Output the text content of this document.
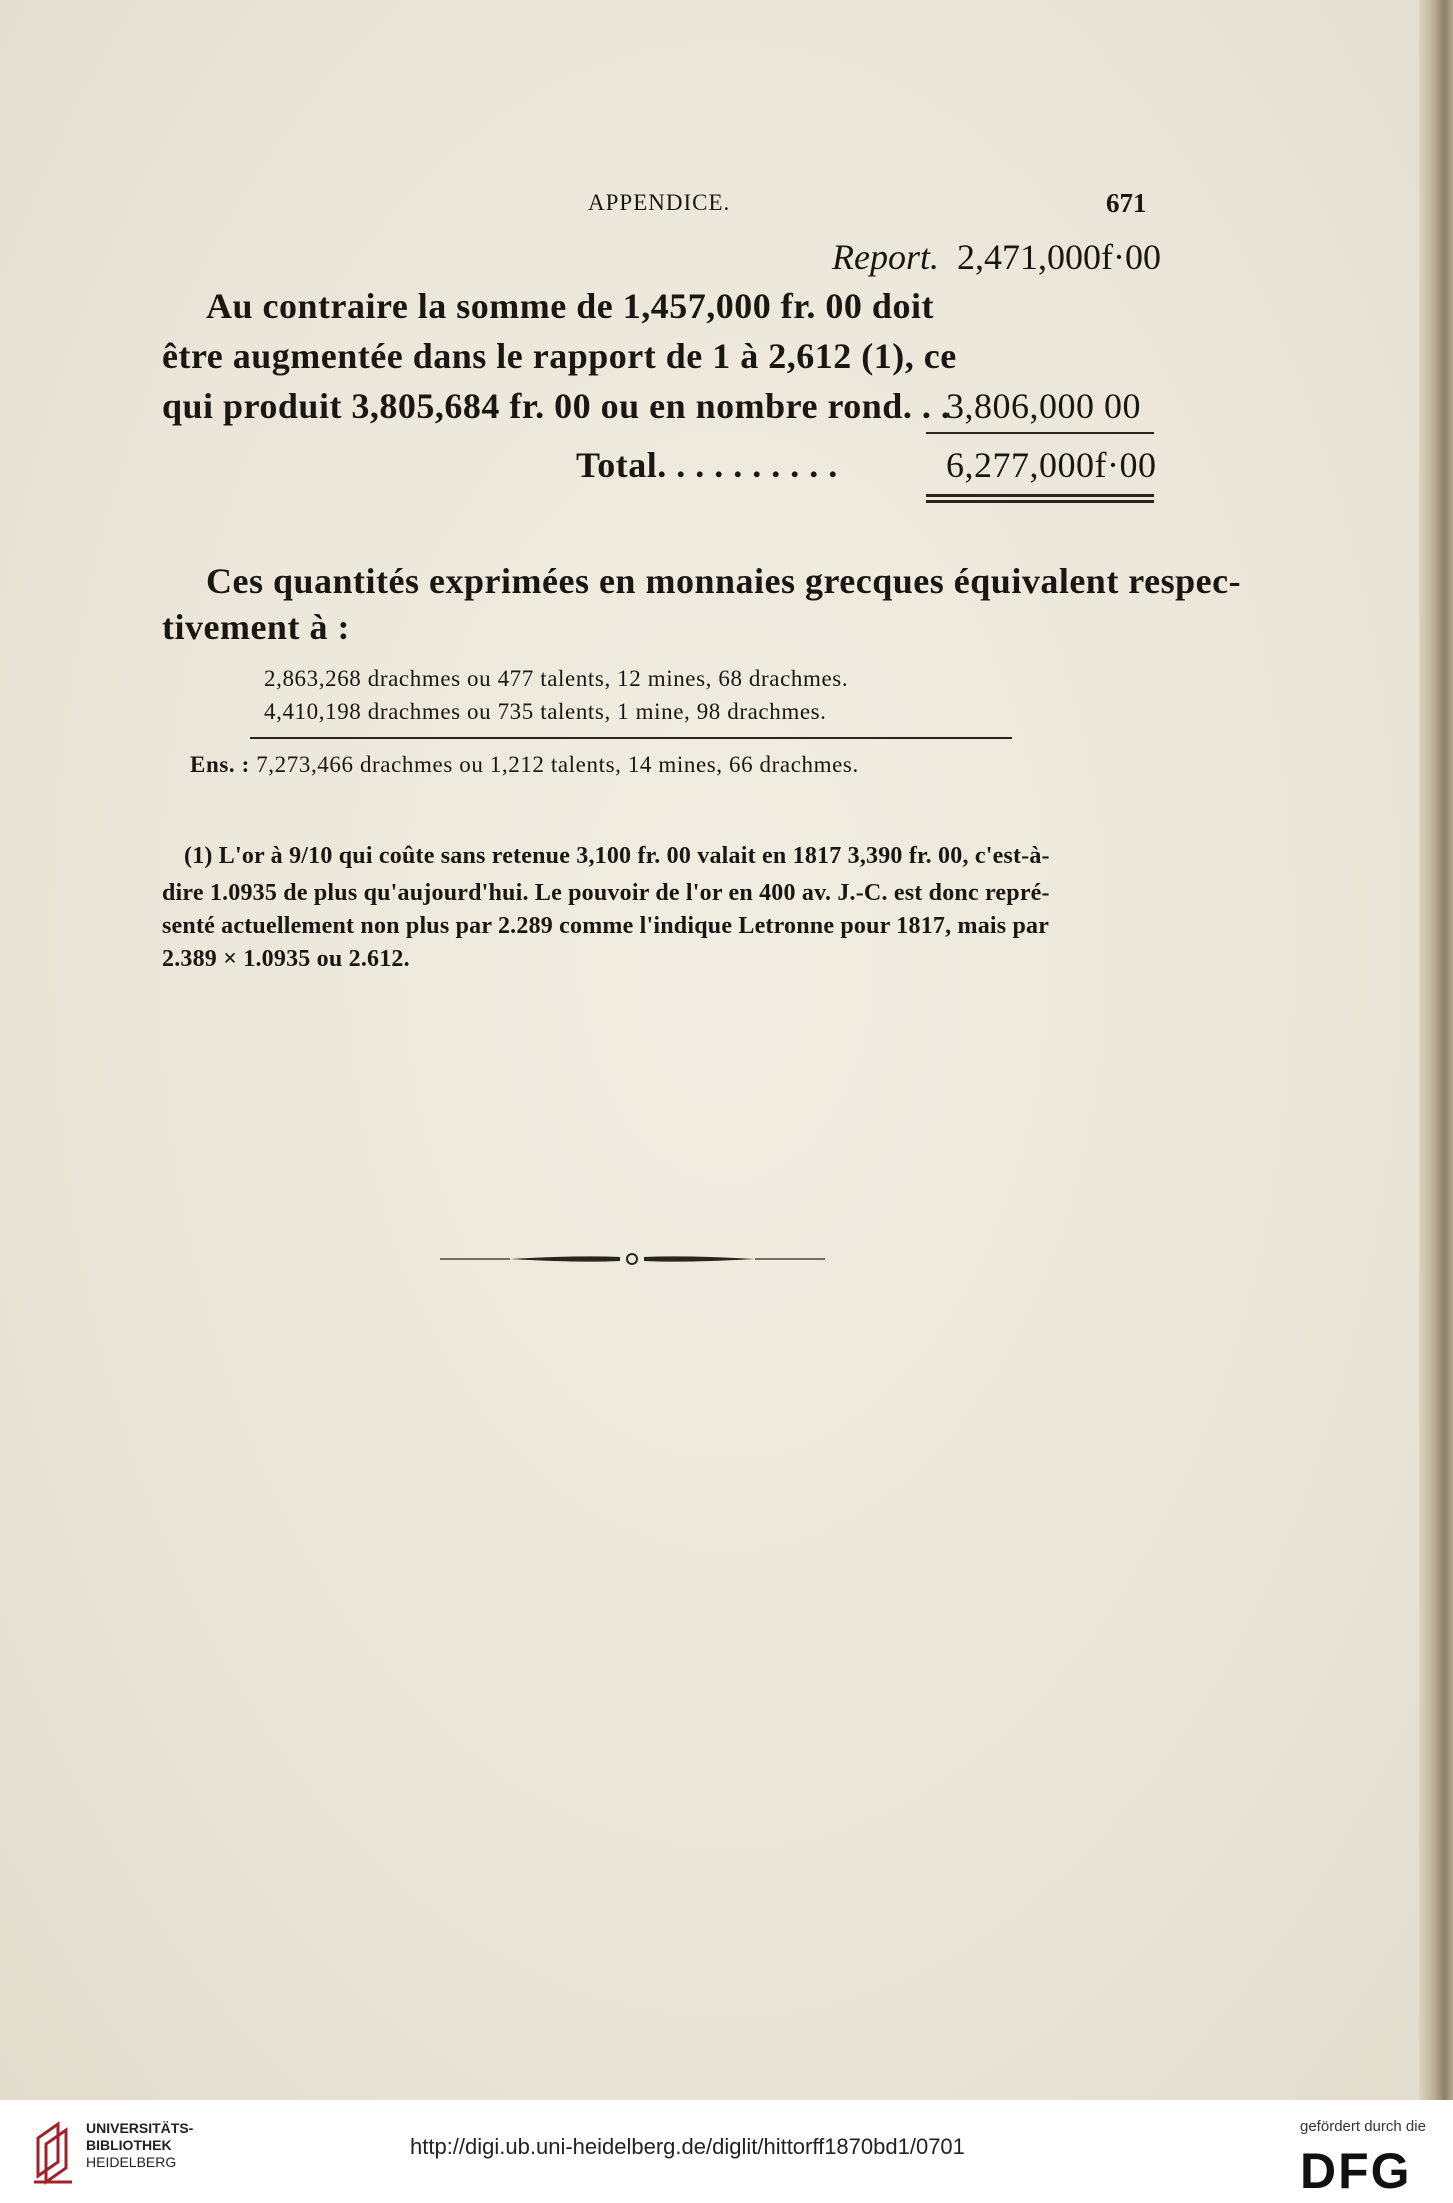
APPENDICE.	671
Report. 2,471,000f·00
Au contraire la somme de 1,457,000 fr. 00 doit
être augmentée dans le rapport de 1 à 2,612 (1), ce
qui produit 3,805,684 fr. 00 ou en nombre rond. . .
3,806,000 00
Total. . . . . . . . . .	6,277,000f·00
Ces quantités exprimées en monnaies grecques équivalent respec-
tivement à :
2,863,268 drachmes ou 477 talents, 12 mines, 68 drachmes.
4,410,198 drachmes ou 735 talents, 1 mine, 98 drachmes.
Ens. : 7,273,466 drachmes ou 1,212 talents, 14 mines, 66 drachmes.
(1) L'or à 9/10 qui coûte sans retenue 3,100 fr. 00 valait en 1817 3,390 fr. 00, c'est-à-
dire 1.0935 de plus qu'aujourd'hui. Le pouvoir de l'or en 400 av. J.-C. est donc repré-
senté actuellement non plus par 2.289 comme l'indique Letronne pour 1817, mais par
2.389 × 1.0935 ou 2.612.
UNIVERSITÄTS-
BIBLIOTHEK
HEIDELBERG
http://digi.ub.uni-heidelberg.de/diglit/hittorff1870bd1/0701
gefördert durch die
DFG
